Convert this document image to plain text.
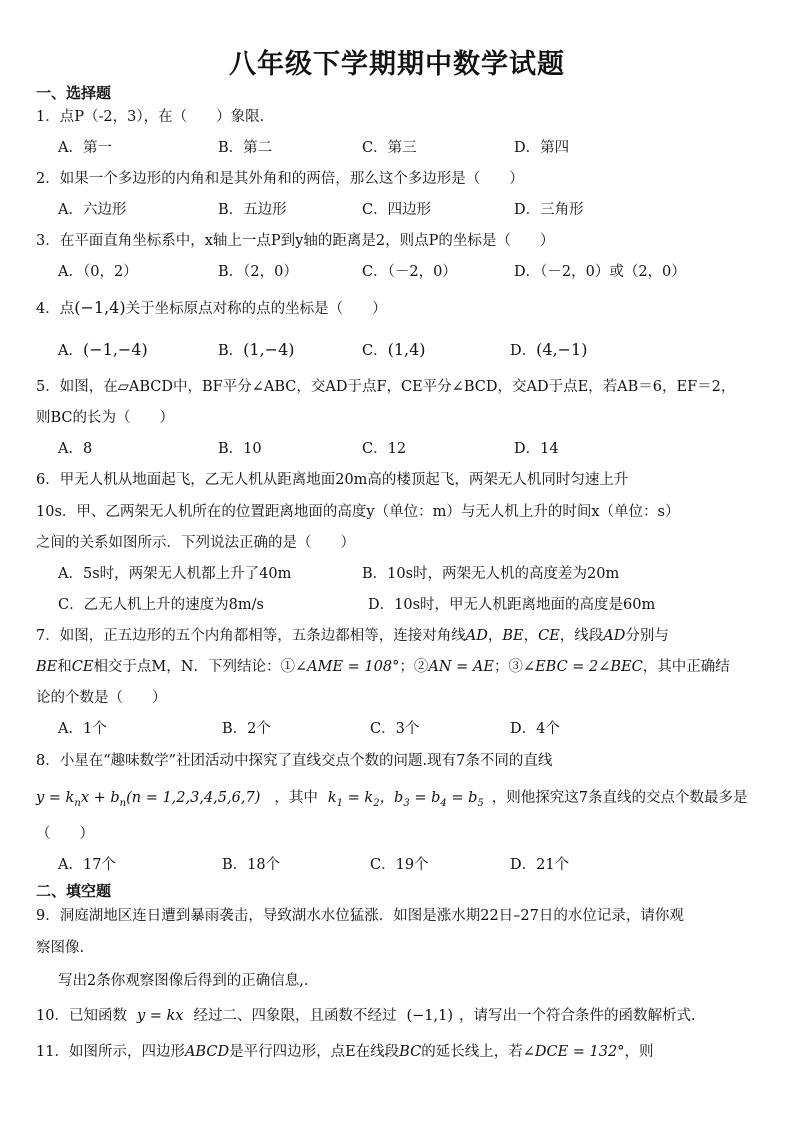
八年级下学期期中数学试题
一、选择题
1．点P（-2，3），在（　　）象限.
A．第一	B．第二	C．第三	D．第四
2．如果一个多边形的内角和是其外角和的两倍，那么这个多边形是（　　）
A．六边形	B．五边形	C．四边形	D．三角形
3．在平面直角坐标系中，x轴上一点P到y轴的距离是2，则点P的坐标是（　　）
A．（0，2）	B．（2，0）	C．（－2，0）	D．（－2，0）或（2，0）
4．点(−1,4)关于坐标原点对称的点的坐标是（　　）
A．(−1,−4)	B．(1,−4)	C．(1,4)	D．(4,−1)
5．如图，在▱ABCD中，BF平分∠ABC，交AD于点F，CE平分∠BCD，交AD于点E，若AB＝6，EF＝2，
则BC的长为（　　）
A．8	B．10	C．12	D．14
6．甲无人机从地面起飞，乙无人机从距离地面20m高的楼顶起飞，两架无人机同时匀速上升
10s．甲、乙两架无人机所在的位置距离地面的高度y（单位：m）与无人机上升的时间x（单位：s）
之间的关系如图所示．下列说法正确的是（　　）
A．5s时，两架无人机都上升了40m	B．10s时，两架无人机的高度差为20m
C．乙无人机上升的速度为8m/s	D．10s时，甲无人机距离地面的高度是60m
7．如图，正五边形的五个内角都相等，五条边都相等，连接对角线AD，BE，CE，线段AD分别与
BE和CE相交于点M，N．下列结论：①∠AME = 108°；②AN = AE；③∠EBC = 2∠BEC，其中正确结
论的个数是（　　）
A．1个	B．2个	C．3个	D．4个
8．小星在“趣味数学”社团活动中探究了直线交点个数的问题.现有7条不同的直线
$y = k_nx + b_n(n = 1,2,3,4,5,6,7)$ ，其中 $k_1 = k_2$，$b_3 = b_4 = b_5$ ，则他探究这7条直线的交点个数最多是
（　　）
A．17个	B．18个	C．19个	D．21个
二、填空题
9．洞庭湖地区连日遭到暴雨袭击，导致湖水水位猛涨．如图是涨水期22日–27日的水位记录，请你观
察图像.
写出2条你观察图像后得到的正确信息,.
10．已知函数 y = kx 经过二、四象限，且函数不经过 (−1,1) ，请写出一个符合条件的函数解析式.
11．如图所示，四边形ABCD是平行四边形，点E在线段BC的延长线上，若∠DCE = 132°，则
